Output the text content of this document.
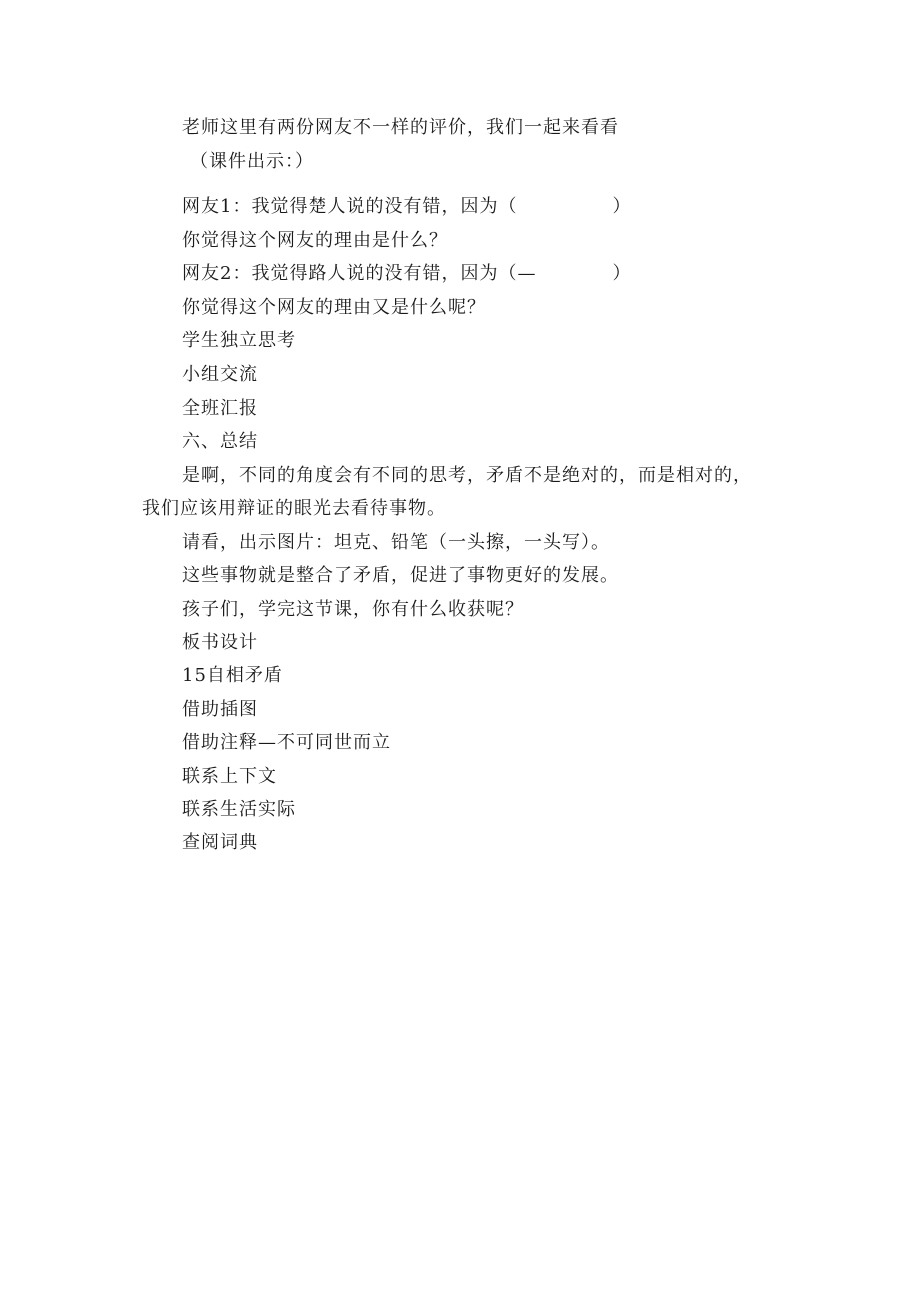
老师这里有两份网友不一样的评价，我们一起来看看
（课件出示：）
网友1：我觉得楚人说的没有错，因为（　　　　　）
你觉得这个网友的理由是什么？
网友2：我觉得路人说的没有错，因为（—　　　　）
你觉得这个网友的理由又是什么呢？
学生独立思考
小组交流
全班汇报
六、总结
是啊，不同的角度会有不同的思考，矛盾不是绝对的，而是相对的，我们应该用辩证的眼光去看待事物。
请看，出示图片：坦克、铅笔（一头擦，一头写）。
这些事物就是整合了矛盾，促进了事物更好的发展。
孩子们，学完这节课，你有什么收获呢？
板书设计
15自相矛盾
借助插图
借助注释—不可同世而立
联系上下文
联系生活实际
查阅词典
